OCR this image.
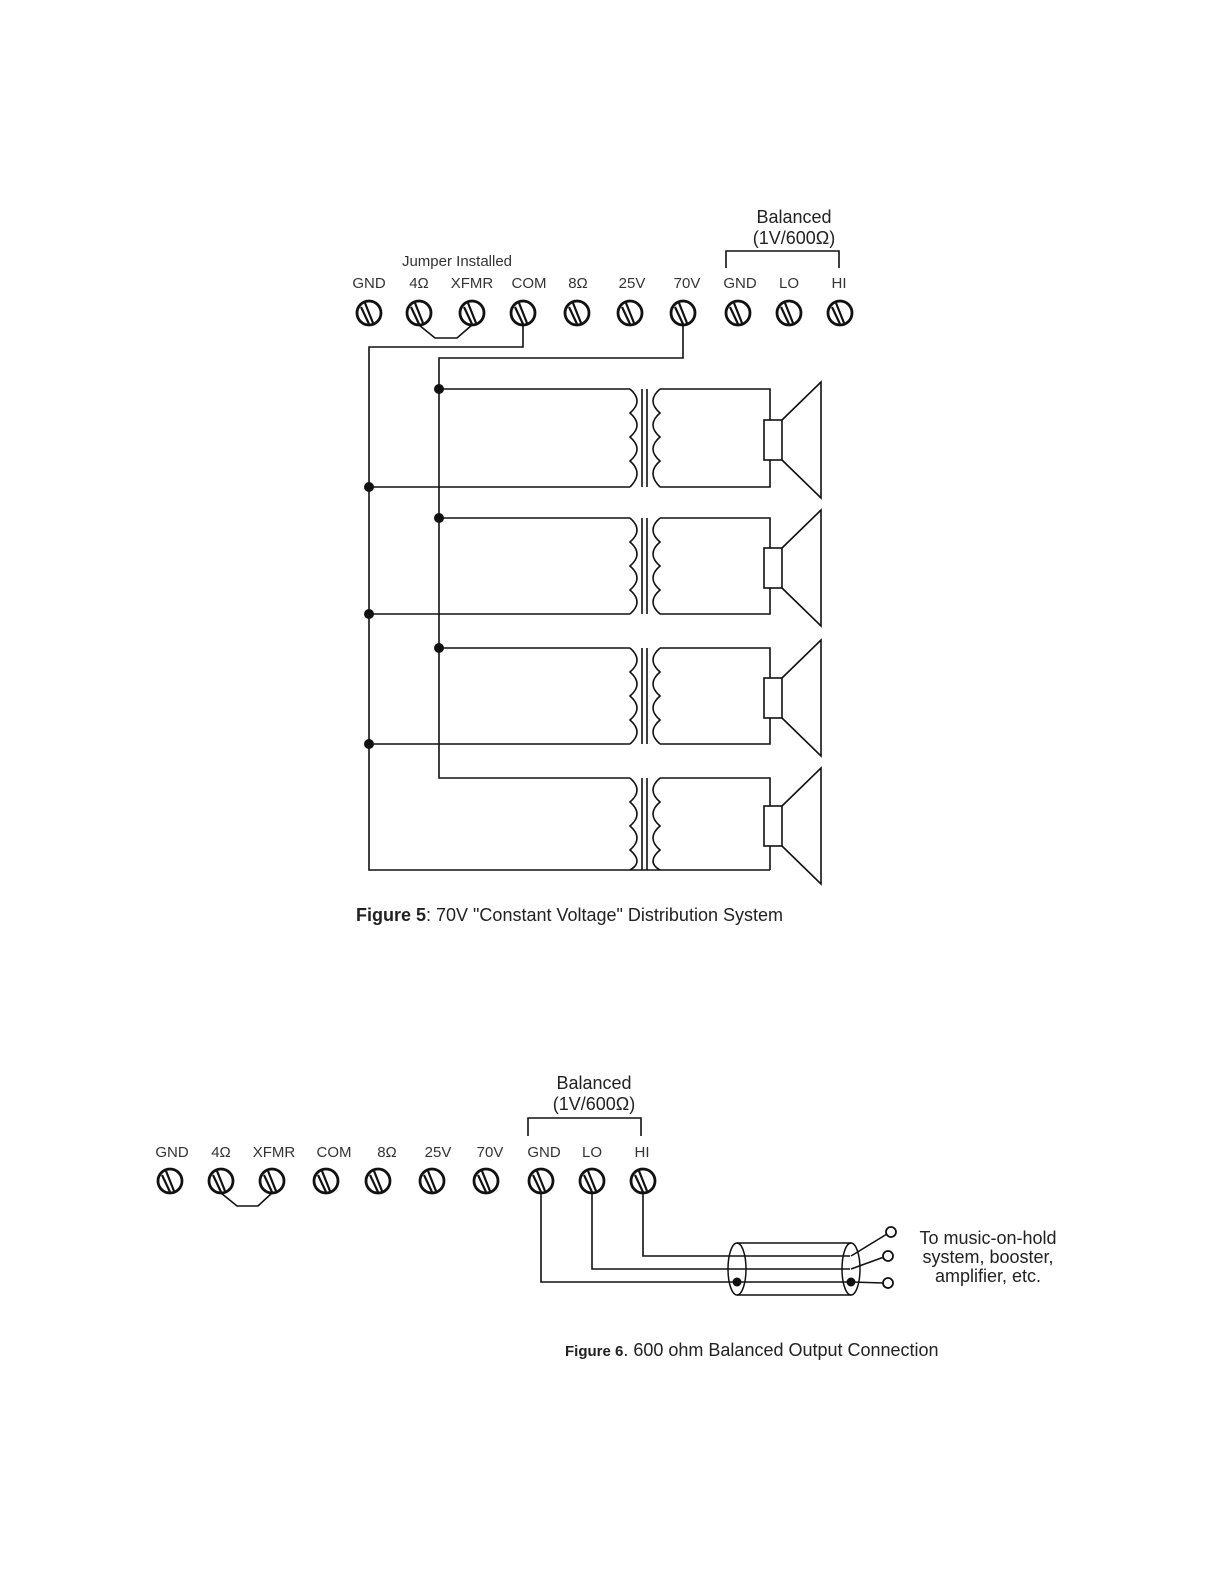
Balanced
(1V/600Ω)
Jumper Installed
GND 4Ω XFMR COM 8Ω 25V 70V GND LO HI
Figure 5: 70V "Constant Voltage" Distribution System
Balanced
(1V/600Ω)
GND 4Ω XFMR COM 8Ω 25V 70V GND LO HI
To music-on-hold
system, booster,
amplifier, etc.
Figure 6. 600 ohm Balanced Output Connection
